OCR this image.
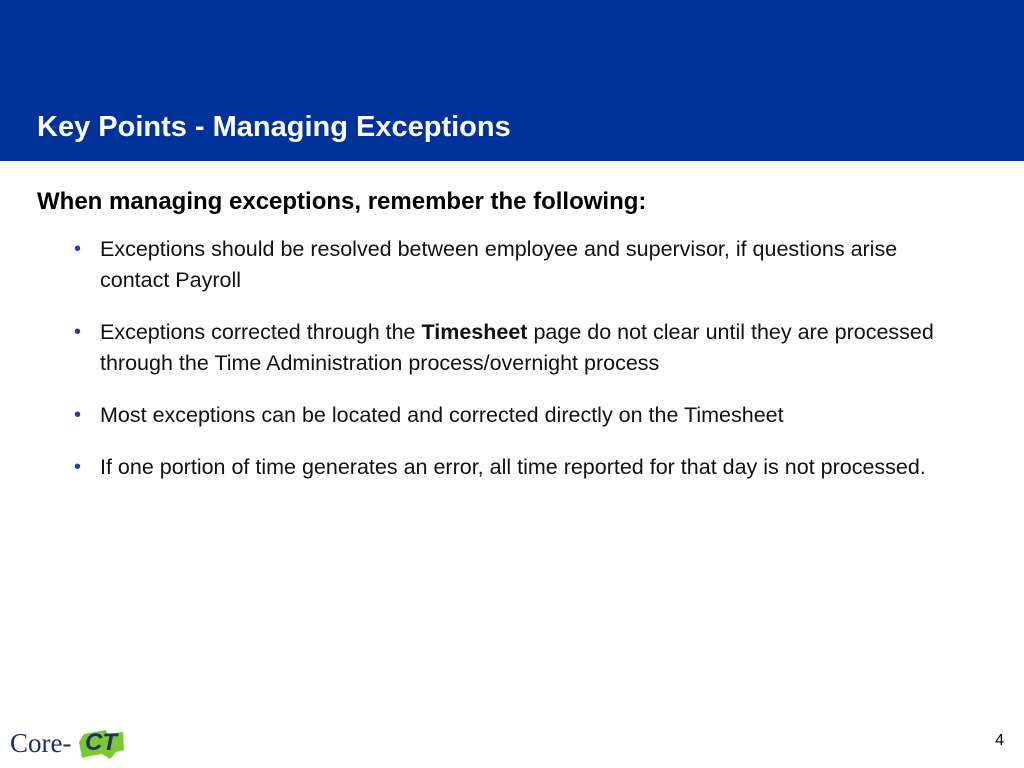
Key Points - Managing Exceptions

When managing exceptions, remember the following:

• Exceptions should be resolved between employee and supervisor, if questions arise contact Payroll
• Exceptions corrected through the Timesheet page do not clear until they are processed through the Time Administration process/overnight process
• Most exceptions can be located and corrected directly on the Timesheet
• If one portion of time generates an error, all time reported for that day is not processed.
Core- CT	4
